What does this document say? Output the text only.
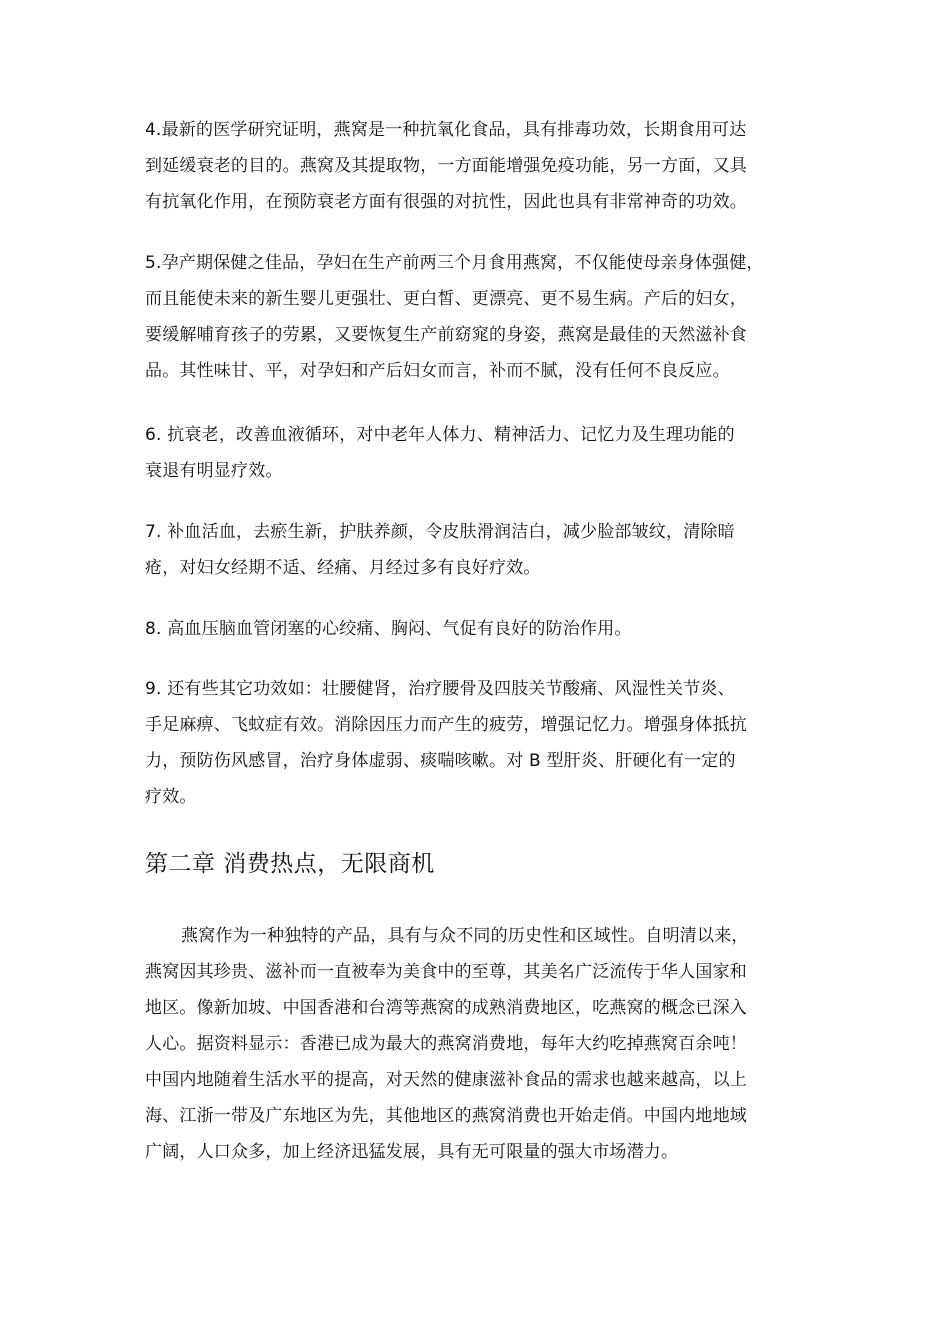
4.最新的医学研究证明，燕窝是一种抗氧化食品，具有排毒功效，长期食用可达
到延缓衰老的目的。燕窝及其提取物，一方面能增强免疫功能，另一方面，又具
有抗氧化作用，在预防衰老方面有很强的对抗性，因此也具有非常神奇的功效。
5.孕产期保健之佳品，孕妇在生产前两三个月食用燕窝，不仅能使母亲身体强健，
而且能使未来的新生婴儿更强壮、更白皙、更漂亮、更不易生病。产后的妇女，
要缓解哺育孩子的劳累，又要恢复生产前窈窕的身姿，燕窝是最佳的天然滋补食
品。其性味甘、平，对孕妇和产后妇女而言，补而不腻，没有任何不良反应。
6. 抗衰老，改善血液循环，对中老年人体力、精神活力、记忆力及生理功能的
衰退有明显疗效。
7. 补血活血，去瘀生新，护肤养颜，令皮肤滑润洁白，减少脸部皱纹，清除暗
疮，对妇女经期不适、经痛、月经过多有良好疗效。
8. 高血压脑血管闭塞的心绞痛、胸闷、气促有良好的防治作用。
9. 还有些其它功效如：壮腰健肾，治疗腰骨及四肢关节酸痛、风湿性关节炎、
手足麻痹、飞蚊症有效。消除因压力而产生的疲劳，增强记忆力。增强身体抵抗
力，预防伤风感冒，治疗身体虚弱、痰喘咳嗽。对 B 型肝炎、肝硬化有一定的
疗效。
第二章 消费热点，无限商机
燕窝作为一种独特的产品，具有与众不同的历史性和区域性。自明清以来，
燕窝因其珍贵、滋补而一直被奉为美食中的至尊，其美名广泛流传于华人国家和
地区。像新加坡、中国香港和台湾等燕窝的成熟消费地区，吃燕窝的概念已深入
人心。据资料显示：香港已成为最大的燕窝消费地，每年大约吃掉燕窝百余吨！
中国内地随着生活水平的提高，对天然的健康滋补食品的需求也越来越高，以上
海、江浙一带及广东地区为先，其他地区的燕窝消费也开始走俏。中国内地地域
广阔，人口众多，加上经济迅猛发展，具有无可限量的强大市场潜力。
